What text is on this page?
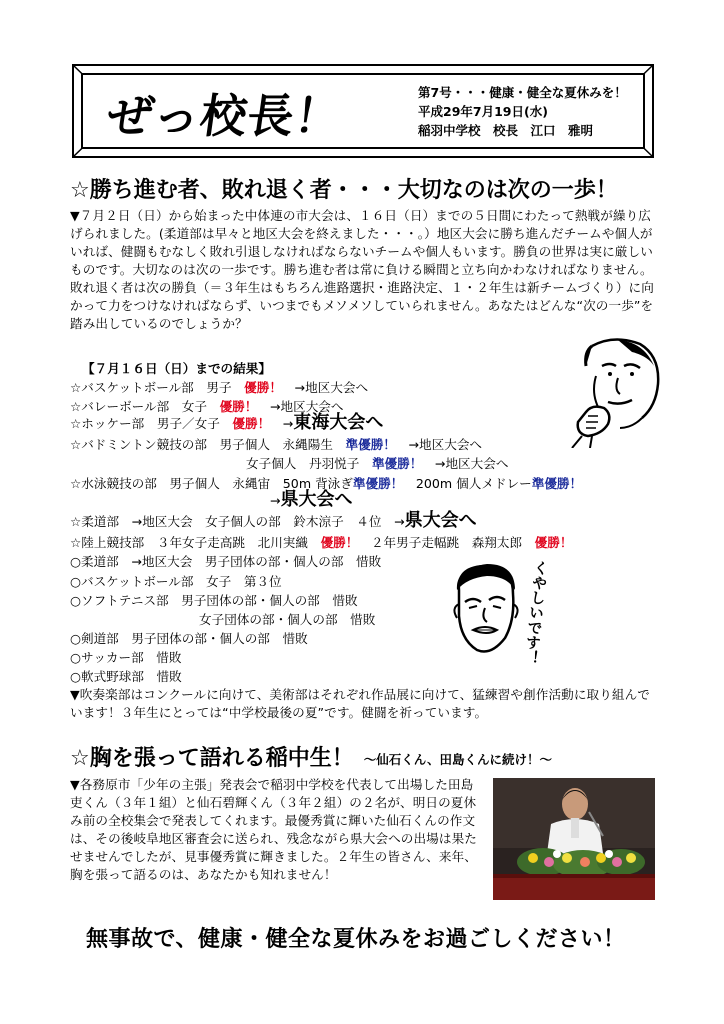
ぜっ校長！	第7号・・・健康・健全な夏休みを！
平成29年7月19日(水)
稲羽中学校　校長　江口　雅明
☆勝ち進む者、敗れ退く者・・・大切なのは次の一歩！
▼７月２日（日）から始まった中体連の市大会は、１６日（日）までの５日間にわたって熱戦が繰り広げられました。(柔道部は早々と地区大会を終えました・・・。）地区大会に勝ち進んだチームや個人がいれば、健闘もむなしく敗れ引退しなければならないチームや個人もいます。勝負の世界は実に厳しいものです。大切なのは次の一歩です。勝ち進む者は常に負ける瞬間と立ち向かわなければなりません。敗れ退く者は次の勝負（＝３年生はもちろん進路選択・進路決定、１・２年生は新チームづくり）に向かって力をつけなければならず、いつまでもメソメソしていられません。あなたはどんな“次の一歩”を踏み出しているのでしょうか？
【７月１６日（日）までの結果】
☆バスケットボール部　男子　優勝！　→地区大会へ
☆バレーボール部　女子　優勝！　→地区大会へ
☆ホッケー部　男子／女子　優勝！　→東海大会へ
☆バドミントン競技の部　男子個人　永縄陽生　準優勝！　→地区大会へ
女子個人　丹羽悦子　準優勝！　→地区大会へ
☆水泳競技の部　男子個人　永縄宙　50m 背泳ぎ準優勝！　200m 個人メドレー準優勝！
→県大会へ
☆柔道部　→地区大会　女子個人の部　鈴木涼子　４位　→県大会へ
☆陸上競技部　３年女子走高跳　北川実織　優勝！　２年男子走幅跳　森翔太郎　優勝！
○柔道部　→地区大会　男子団体の部・個人の部　惜敗
○バスケットボール部　女子　第３位
○ソフトテニス部　男子団体の部・個人の部　惜敗
女子団体の部・個人の部　惜敗
○剣道部　男子団体の部・個人の部　惜敗
○サッカー部　惜敗
○軟式野球部　惜敗
▼吹奏楽部はコンクールに向けて、美術部はそれぞれ作品展に向けて、猛練習や創作活動に取り組んでいます！３年生にとっては“中学校最後の夏”です。健闘を祈っています。
くやしいです！
☆胸を張って語れる稲中生！ ～仙石くん、田島くんに続け！～
▼各務原市「少年の主張」発表会で稲羽中学校を代表して出場した田島吏くん（３年１組）と仙石碧輝くん（３年２組）の２名が、明日の夏休み前の全校集会で発表してくれます。最優秀賞に輝いた仙石くんの作文は、その後岐阜地区審査会に送られ、残念ながら県大会への出場は果たせませんでしたが、見事優秀賞に輝きました。２年生の皆さん、来年、胸を張って語るのは、あなたかも知れません！
無事故で、健康・健全な夏休みをお過ごしください！
